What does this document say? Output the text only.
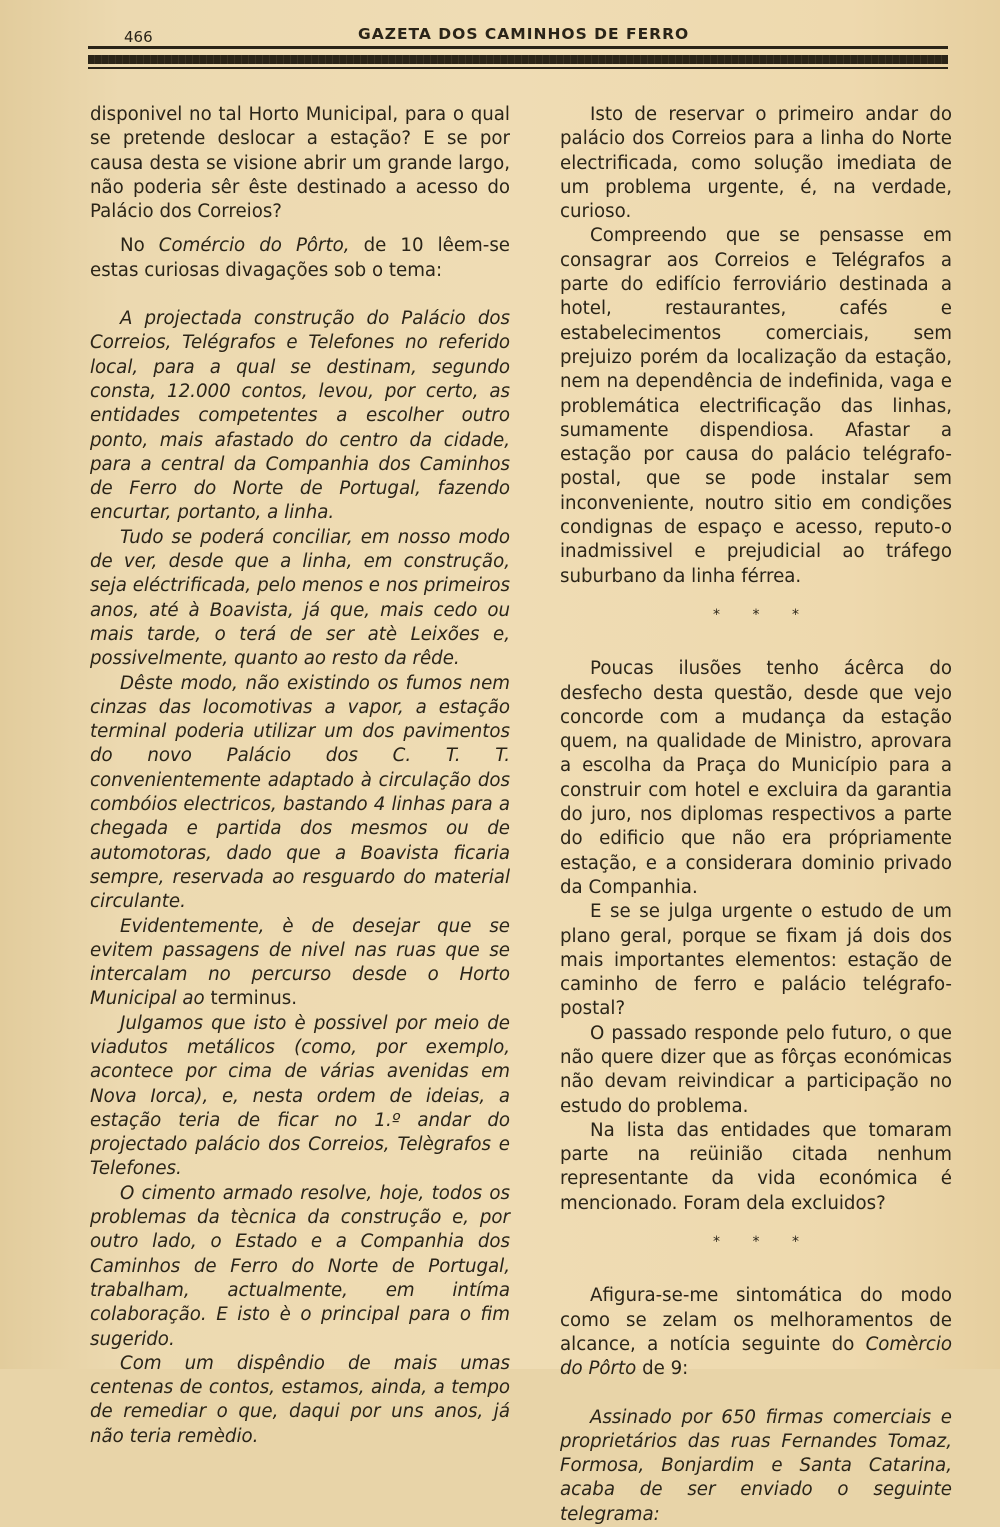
466	GAZETA DOS CAMINHOS DE FERRO

disponivel no tal Horto Municipal, para o qual se pretende deslocar a estação? E se por causa desta se visione abrir um grande largo, não poderia sêr êste destinado a acesso do Palácio dos Correios?

No Comércio do Pôrto, de 10 lêem-se estas curiosas divagações sob o tema:

A projectada construção do Palácio dos Correios, Telégrafos e Telefones no referido local, para a qual se destinam, segundo consta, 12.000 contos, levou, por certo, as entidades competentes a escolher outro ponto, mais afastado do centro da cidade, para a central da Companhia dos Caminhos de Ferro do Norte de Portugal, fazendo encurtar, portanto, a linha.

Tudo se poderá conciliar, em nosso modo de ver, desde que a linha, em construção, seja eléctrificada, pelo menos e nos primeiros anos, até à Boavista, já que, mais cedo ou mais tarde, o terá de ser atè Leixões e, possivelmente, quanto ao resto da rêde.

Dêste modo, não existindo os fumos nem cinzas das locomotivas a vapor, a estação terminal poderia utilizar um dos pavimentos do novo Palácio dos C. T. T. convenientemente adaptado à circulação dos combóios electricos, bastando 4 linhas para a chegada e partida dos mesmos ou de automotoras, dado que a Boavista ficaria sempre, reservada ao resguardo do material circulante.

Evidentemente, è de desejar que se evitem passagens de nivel nas ruas que se intercalam no percurso desde o Horto Municipal ao terminus.

Julgamos que isto è possivel por meio de viadutos metálicos (como, por exemplo, acontece por cima de várias avenidas em Nova Iorca), e, nesta ordem de ideias, a estação teria de ficar no 1.º andar do projectado palácio dos Correios, Telègrafos e Telefones.

O cimento armado resolve, hoje, todos os problemas da tècnica da construção e, por outro lado, o Estado e a Companhia dos Caminhos de Ferro do Norte de Portugal, trabalham, actualmente, em intíma colaboração. E isto è o principal para o fim sugerido.

Com um dispêndio de mais umas centenas de contos, estamos, ainda, a tempo de remediar o que, daqui por uns anos, já não teria remèdio.

Isto de reservar o primeiro andar do palácio dos Correios para a linha do Norte electrificada, como solução imediata de um problema urgente, é, na verdade, curioso.

Compreendo que se pensasse em consagrar aos Correios e Telégrafos a parte do edifício ferroviário destinada a hotel, restaurantes, cafés e estabelecimentos comerciais, sem prejuizo porém da localização da estação, nem na dependência de indefinida, vaga e problemática electrificação das linhas, sumamente dispendiosa. Afastar a estação por causa do palácio telégrafo-postal, que se pode instalar sem inconveniente, noutro sitio em condições condignas de espaço e acesso, reputo-o inadmissivel e prejudicial ao tráfego suburbano da linha férrea.

* * *

Poucas ilusões tenho ácêrca do desfecho desta questão, desde que vejo concorde com a mudança da estação quem, na qualidade de Ministro, aprovara a escolha da Praça do Município para a construir com hotel e excluira da garantia do juro, nos diplomas respectivos a parte do edificio que não era própriamente estação, e a considerara dominio privado da Companhia.

E se se julga urgente o estudo de um plano geral, porque se fixam já dois dos mais importantes elementos: estação de caminho de ferro e palácio telégrafo-postal?

O passado responde pelo futuro, o que não quere dizer que as fôrças económicas não devam reivindicar a participação no estudo do problema.

Na lista das entidades que tomaram parte na reüinião citada nenhum representante da vida económica é mencionado. Foram dela excluidos?

* * *

Afigura-se-me sintomática do modo como se zelam os melhoramentos de alcance, a notícia seguinte do Comèrcio do Pôrto de 9:

Assinado por 650 firmas comerciais e proprietários das ruas Fernandes Tomaz, Formosa, Bonjardim e Santa Catarina, acaba de ser enviado o seguinte telegrama:
